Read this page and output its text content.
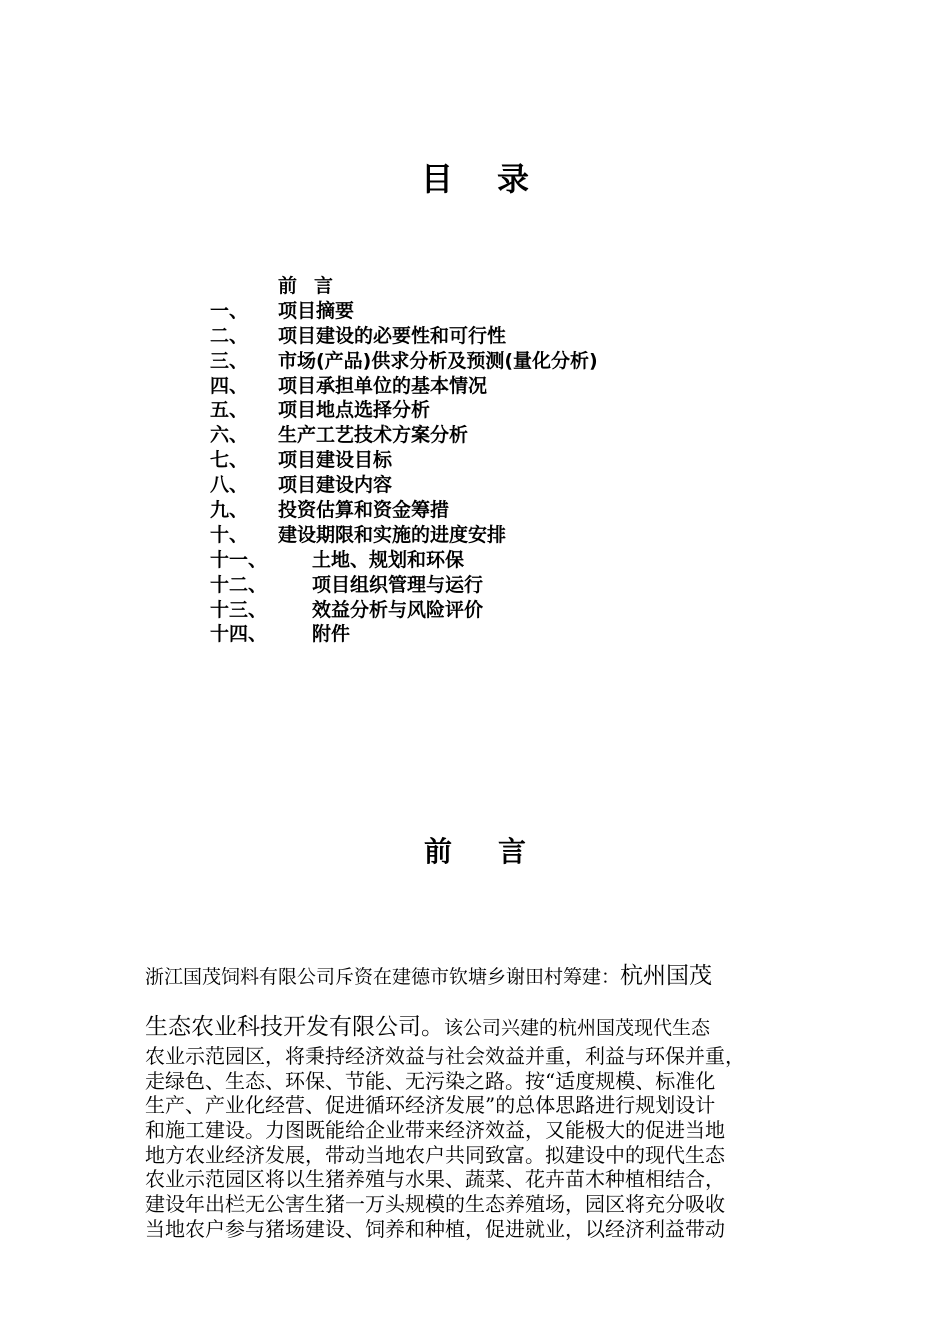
目录
前言
一、 项目摘要
二、 项目建设的必要性和可行性
三、 市场(产品)供求分析及预测(量化分析)
四、 项目承担单位的基本情况
五、 项目地点选择分析
六、 生产工艺技术方案分析
七、 项目建设目标
八、 项目建设内容
九、 投资估算和资金筹措
十、 建设期限和实施的进度安排
十一、 土地、规划和环保
十二、 项目组织管理与运行
十三、 效益分析与风险评价
十四、 附件
前言
浙江国茂饲料有限公司斥资在建德市钦塘乡谢田村筹建：杭州国茂
生态农业科技开发有限公司。该公司兴建的杭州国茂现代生态
农业示范园区，将秉持经济效益与社会效益并重，利益与环保并重，
走绿色、生态、环保、节能、无污染之路。按“适度规模、标准化
生产、产业化经营、促进循环经济发展”的总体思路进行规划设计
和施工建设。力图既能给企业带来经济效益，又能极大的促进当地
地方农业经济发展，带动当地农户共同致富。拟建设中的现代生态
农业示范园区将以生猪养殖与水果、蔬菜、花卉苗木种植相结合，
建设年出栏无公害生猪一万头规模的生态养殖场，园区将充分吸收
当地农户参与猪场建设、饲养和种植，促进就业，以经济利益带动
